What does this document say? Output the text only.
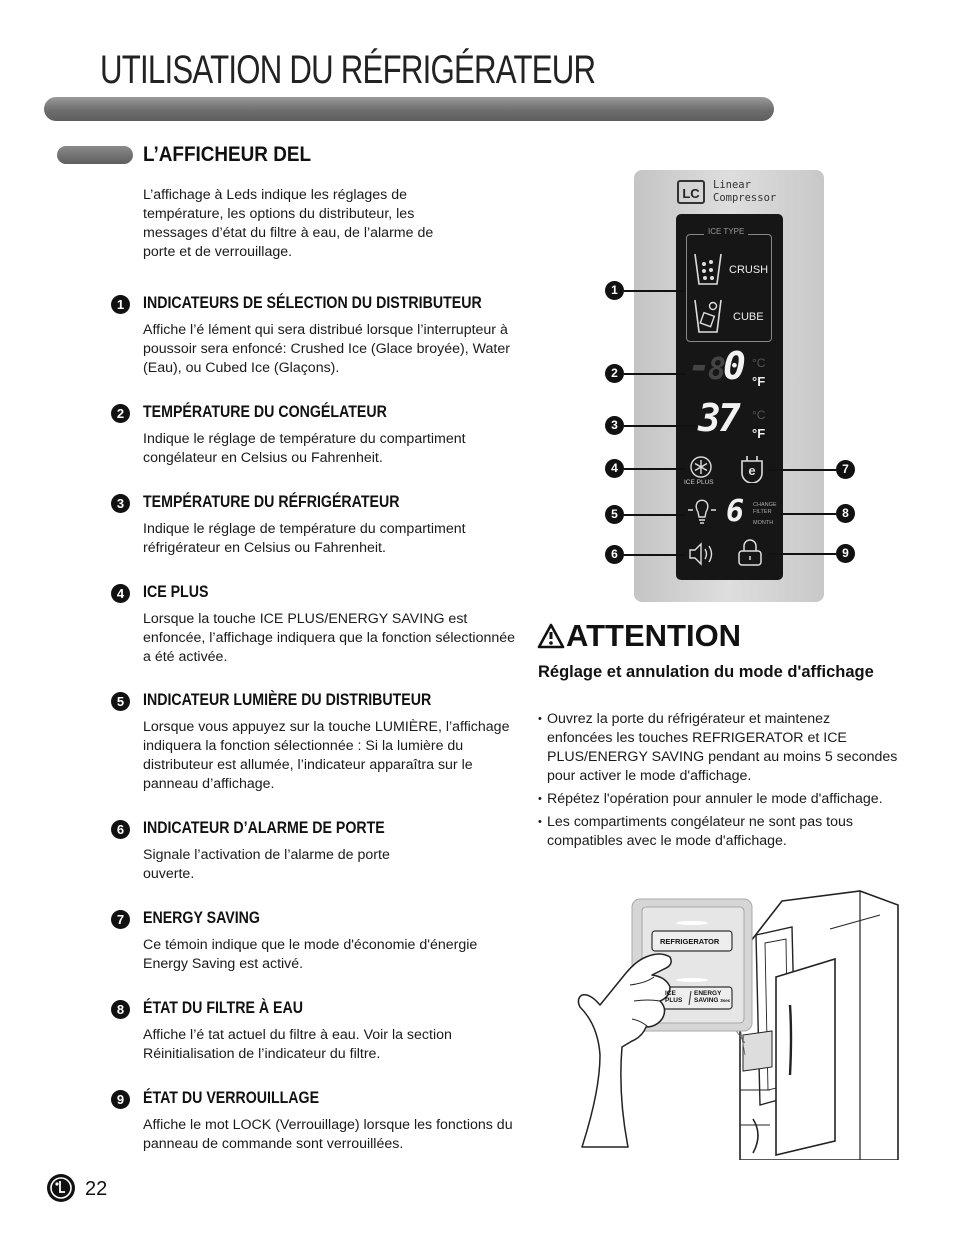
UTILISATION DU RÉFRIGÉRATEUR
L’AFFICHEUR DEL
L’affichage à Leds indique les réglages de température, les options du distributeur, les messages d’état du filtre à eau, de l’alarme de porte et de verrouillage.
1	INDICATEURS DE SÉLECTION DU DISTRIBUTEUR
Affiche l’é lément qui sera distribué lorsque l’interrupteur à poussoir sera enfoncé: Crushed Ice (Glace broyée), Water (Eau), ou Cubed Ice (Glaçons).
2	TEMPÉRATURE DU CONGÉLATEUR
Indique le réglage de température du compartiment congélateur en Celsius ou Fahrenheit.
3	TEMPÉRATURE DU RÉFRIGÉRATEUR
Indique le réglage de température du compartiment réfrigérateur en Celsius ou Fahrenheit.
4	ICE PLUS
Lorsque la touche ICE PLUS/ENERGY SAVING est enfoncée, l’affichage indiquera que la fonction sélectionnée a été activée.
5	INDICATEUR LUMIÈRE DU DISTRIBUTEUR
Lorsque vous appuyez sur la touche LUMIÈRE, l’affichage indiquera la fonction sélectionnée : Si la lumière du distributeur est allumée, l’indicateur apparaîtra sur le panneau d’affichage.
6	INDICATEUR D’ALARME DE PORTE
Signale l’activation de l’alarme de porte ouverte.
7	ENERGY SAVING
Ce témoin indique que le mode d'économie d'énergie Energy Saving est activé.
8	ÉTAT DU FILTRE À EAU
Affiche l’é tat actuel du filtre à eau. Voir la section Réinitialisation de l’indicateur du filtre.
9	ÉTAT DU VERROUILLAGE
Affiche le mot LOCK (Verrouillage) lorsque les fonctions du panneau de commande sont verrouillées.
LC
Linear
Compressor
ICE TYPE
CRUSH
CUBE
-80 °C
°F
37 °C
°F
ICE PLUS
e
6 CHANGE
FILTER
MONTH
1
2
3
4
5
6
7
8
9
ATTENTION
Réglage et annulation du mode d'affichage
• Ouvrez la porte du réfrigérateur et maintenez enfoncées les touches REFRIGERATOR et ICE PLUS/ENERGY SAVING pendant au moins 5 secondes pour activer le mode d'affichage.
• Répétez l'opération pour annuler le mode d'affichage.
• Les compartiments congélateur ne sont pas tous compatibles avec le mode d'affichage.
REFRIGERATOR
ICE
PLUS
ENERGY
SAVING 3sec
22
